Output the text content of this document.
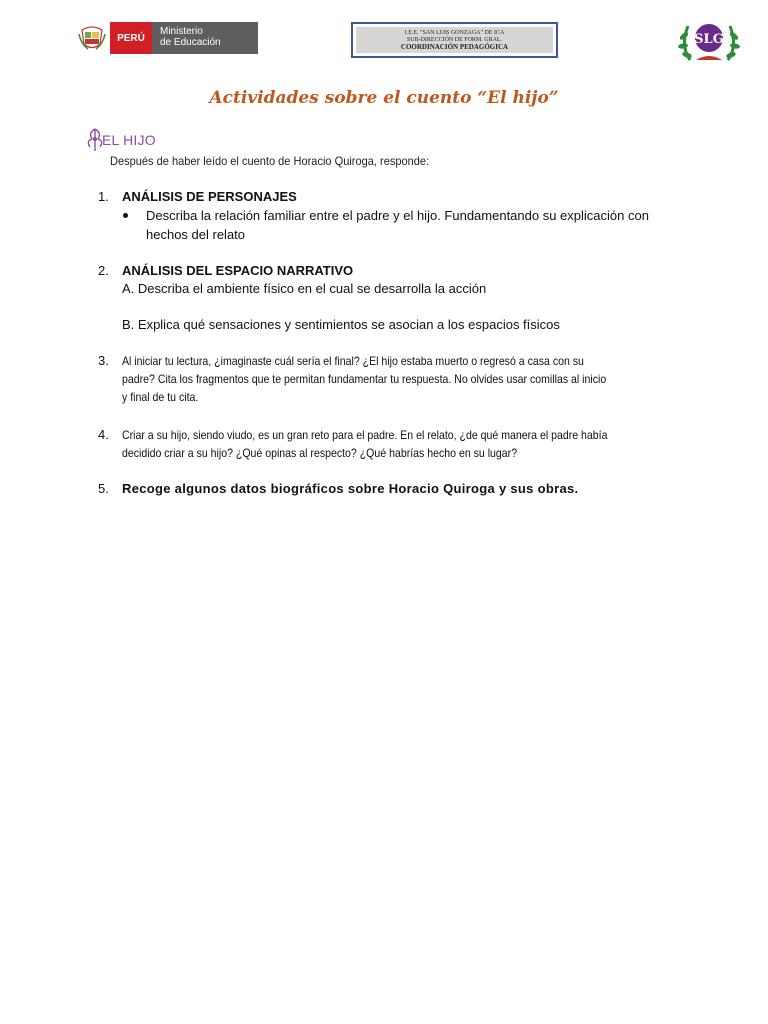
PERÚ
Ministerio
de Educación
I.E.E. "SAN LUIS GONZAGA" DE ICA
SUB-DIRECCIÓN DE FORM. GRAL.
COORDINACIÓN PEDAGÓGICA	SLG
Actividades sobre el cuento “El hijo”
EL HIJO
Después de haber leído el cuento de Horacio Quiroga, responde:
1. ANÁLISIS DE PERSONAJES
Describa la relación familiar entre el padre y el hijo. Fundamentando su explicación con
hechos del relato
2. ANÁLISIS DEL ESPACIO NARRATIVO
A. Describa el ambiente físico en el cual se desarrolla la acción
B. Explica qué sensaciones y sentimientos se asocian a los espacios físicos
3. Al iniciar tu lectura, ¿imaginaste cuál sería el final? ¿El hijo estaba muerto o regresó a casa con su
padre? Cita los fragmentos que te permitan fundamentar tu respuesta. No olvides usar comillas al inicio
y final de tu cita.
4. Criar a su hijo, siendo viudo, es un gran reto para el padre. En el relato, ¿de qué manera el padre había
decidido criar a su hijo? ¿Qué opinas al respecto? ¿Qué habrías hecho en su lugar?
5. Recoge algunos datos biográficos sobre Horacio Quiroga y sus obras.
